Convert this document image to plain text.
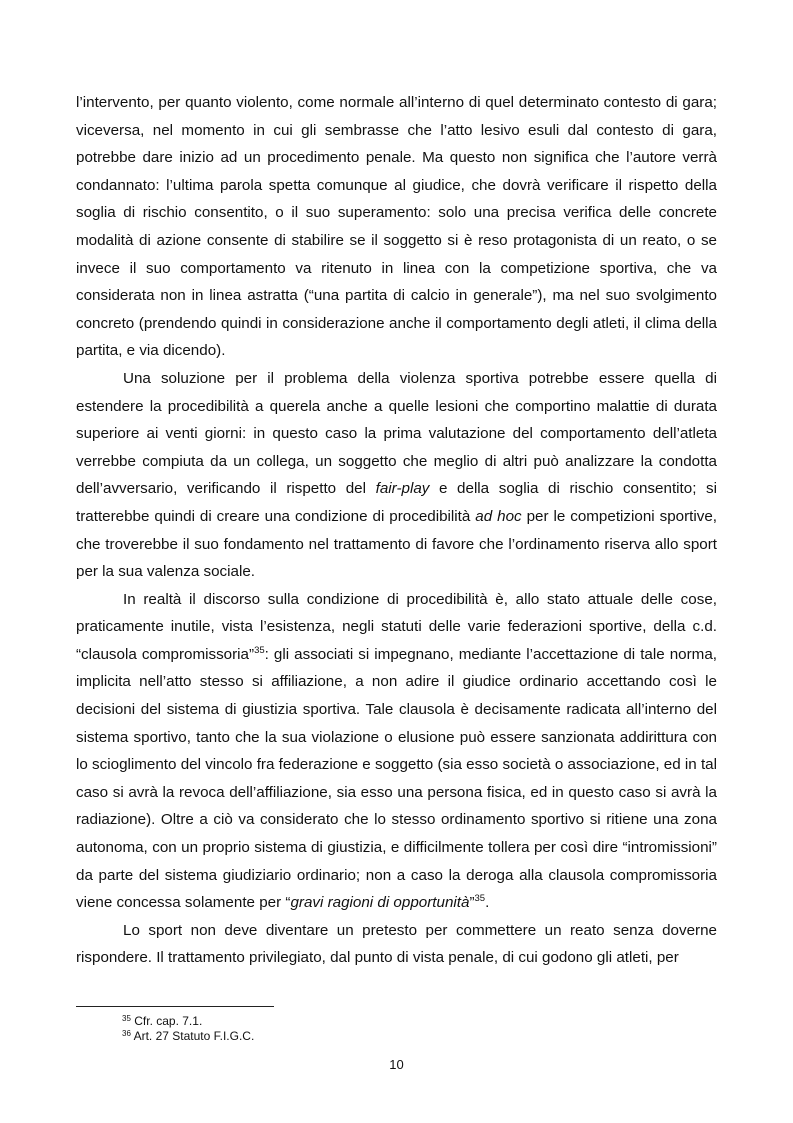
l’intervento, per quanto violento, come normale all’interno di quel determinato contesto di gara; viceversa, nel momento in cui gli sembrasse che l’atto lesivo esuli dal contesto di gara, potrebbe dare inizio ad un procedimento penale. Ma questo non significa che l’autore verrà condannato: l’ultima parola spetta comunque al giudice, che dovrà verificare il rispetto della soglia di rischio consentito, o il suo superamento: solo una precisa verifica delle concrete modalità di azione consente di stabilire se il soggetto si è reso protagonista di un reato, o se invece il suo comportamento va ritenuto in linea con la competizione sportiva, che va considerata non in linea astratta (“una partita di calcio in generale”), ma nel suo svolgimento concreto (prendendo quindi in considerazione anche il comportamento degli atleti, il clima della partita, e via dicendo).

Una soluzione per il problema della violenza sportiva potrebbe essere quella di estendere la procedibilità a querela anche a quelle lesioni che comportino malattie di durata superiore ai venti giorni: in questo caso la prima valutazione del comportamento dell’atleta verrebbe compiuta da un collega, un soggetto che meglio di altri può analizzare la condotta dell’avversario, verificando il rispetto del fair-play e della soglia di rischio consentito; si tratterebbe quindi di creare una condizione di procedibilità ad hoc per le competizioni sportive, che troverebbe il suo fondamento nel trattamento di favore che l’ordinamento riserva allo sport per la sua valenza sociale.

In realtà il discorso sulla condizione di procedibilità è, allo stato attuale delle cose, praticamente inutile, vista l’esistenza, negli statuti delle varie federazioni sportive, della c.d. “clausola compromissoria”$^{35}$: gli associati si impegnano, mediante l’accettazione di tale norma, implicita nell’atto stesso si affiliazione, a non adire il giudice ordinario accettando così le decisioni del sistema di giustizia sportiva. Tale clausola è decisamente radicata all’interno del sistema sportivo, tanto che la sua violazione o elusione può essere sanzionata addirittura con lo scioglimento del vincolo fra federazione e soggetto (sia esso società o associazione, ed in tal caso si avrà la revoca dell’affiliazione, sia esso una persona fisica, ed in questo caso si avrà la radiazione). Oltre a ciò va considerato che lo stesso ordinamento sportivo si ritiene una zona autonoma, con un proprio sistema di giustizia, e difficilmente tollera per così dire “intromissioni” da parte del sistema giudiziario ordinario; non a caso la deroga alla clausola compromissoria viene concessa solamente per “gravi ragioni di opportunità”$^{35}$.

Lo sport non deve diventare un pretesto per commettere un reato senza doverne rispondere. Il trattamento privilegiato, dal punto di vista penale, di cui godono gli atleti, per

$^{35}$ Cfr. cap. 7.1.
$^{36}$ Art. 27 Statuto F.I.G.C.
10
